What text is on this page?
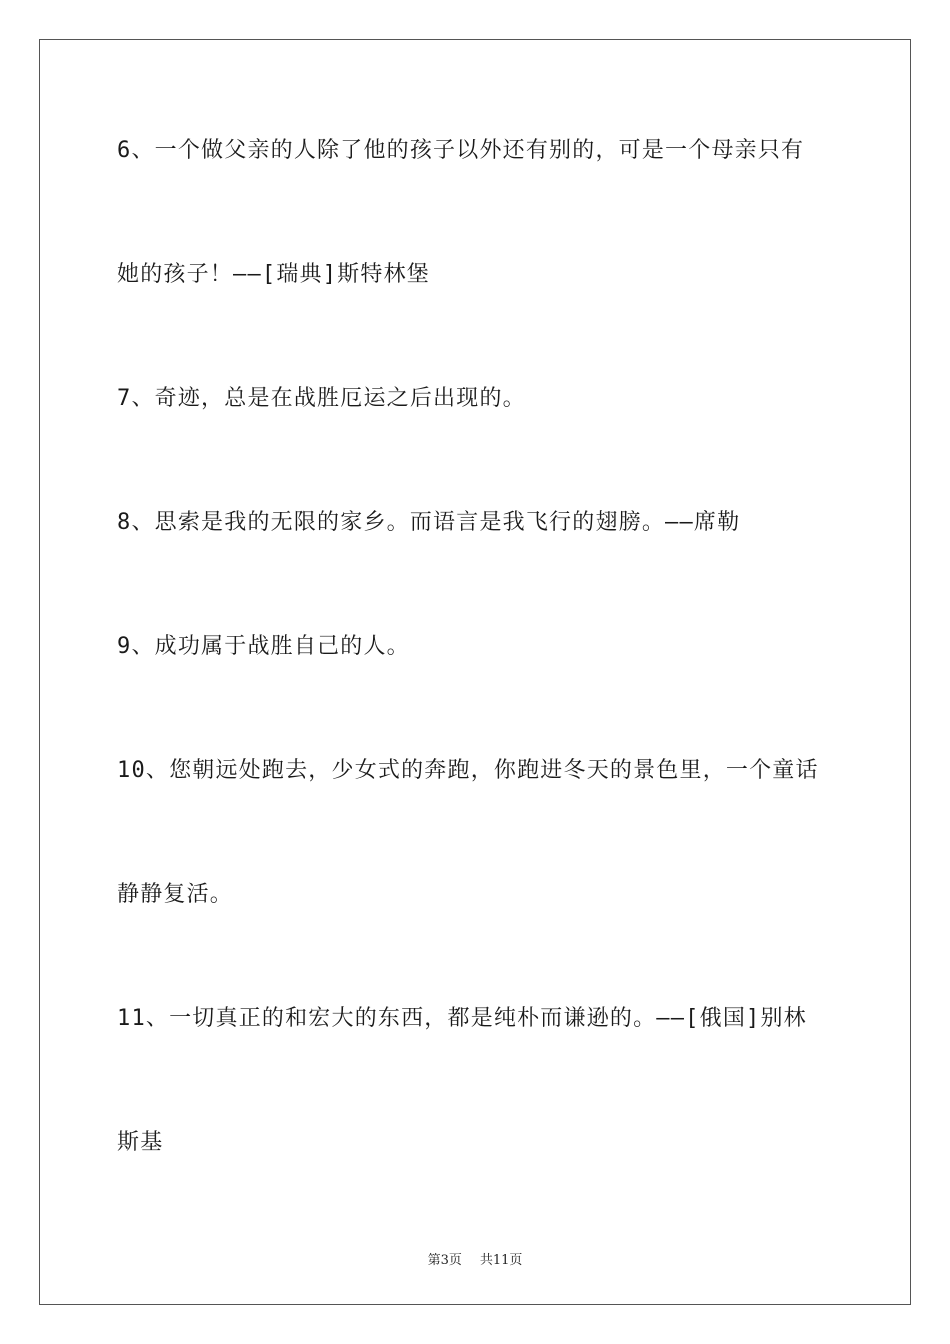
6、一个做父亲的人除了他的孩子以外还有别的，可是一个母亲只有
她的孩子！——[瑞典]斯特林堡
7、奇迹，总是在战胜厄运之后出现的。
8、思索是我的无限的家乡。而语言是我飞行的翅膀。——席勒
9、成功属于战胜自己的人。
10、您朝远处跑去，少女式的奔跑，你跑进冬天的景色里，一个童话
静静复活。
11、一切真正的和宏大的东西，都是纯朴而谦逊的。——[俄国]别林
斯基
第3页 共11页
